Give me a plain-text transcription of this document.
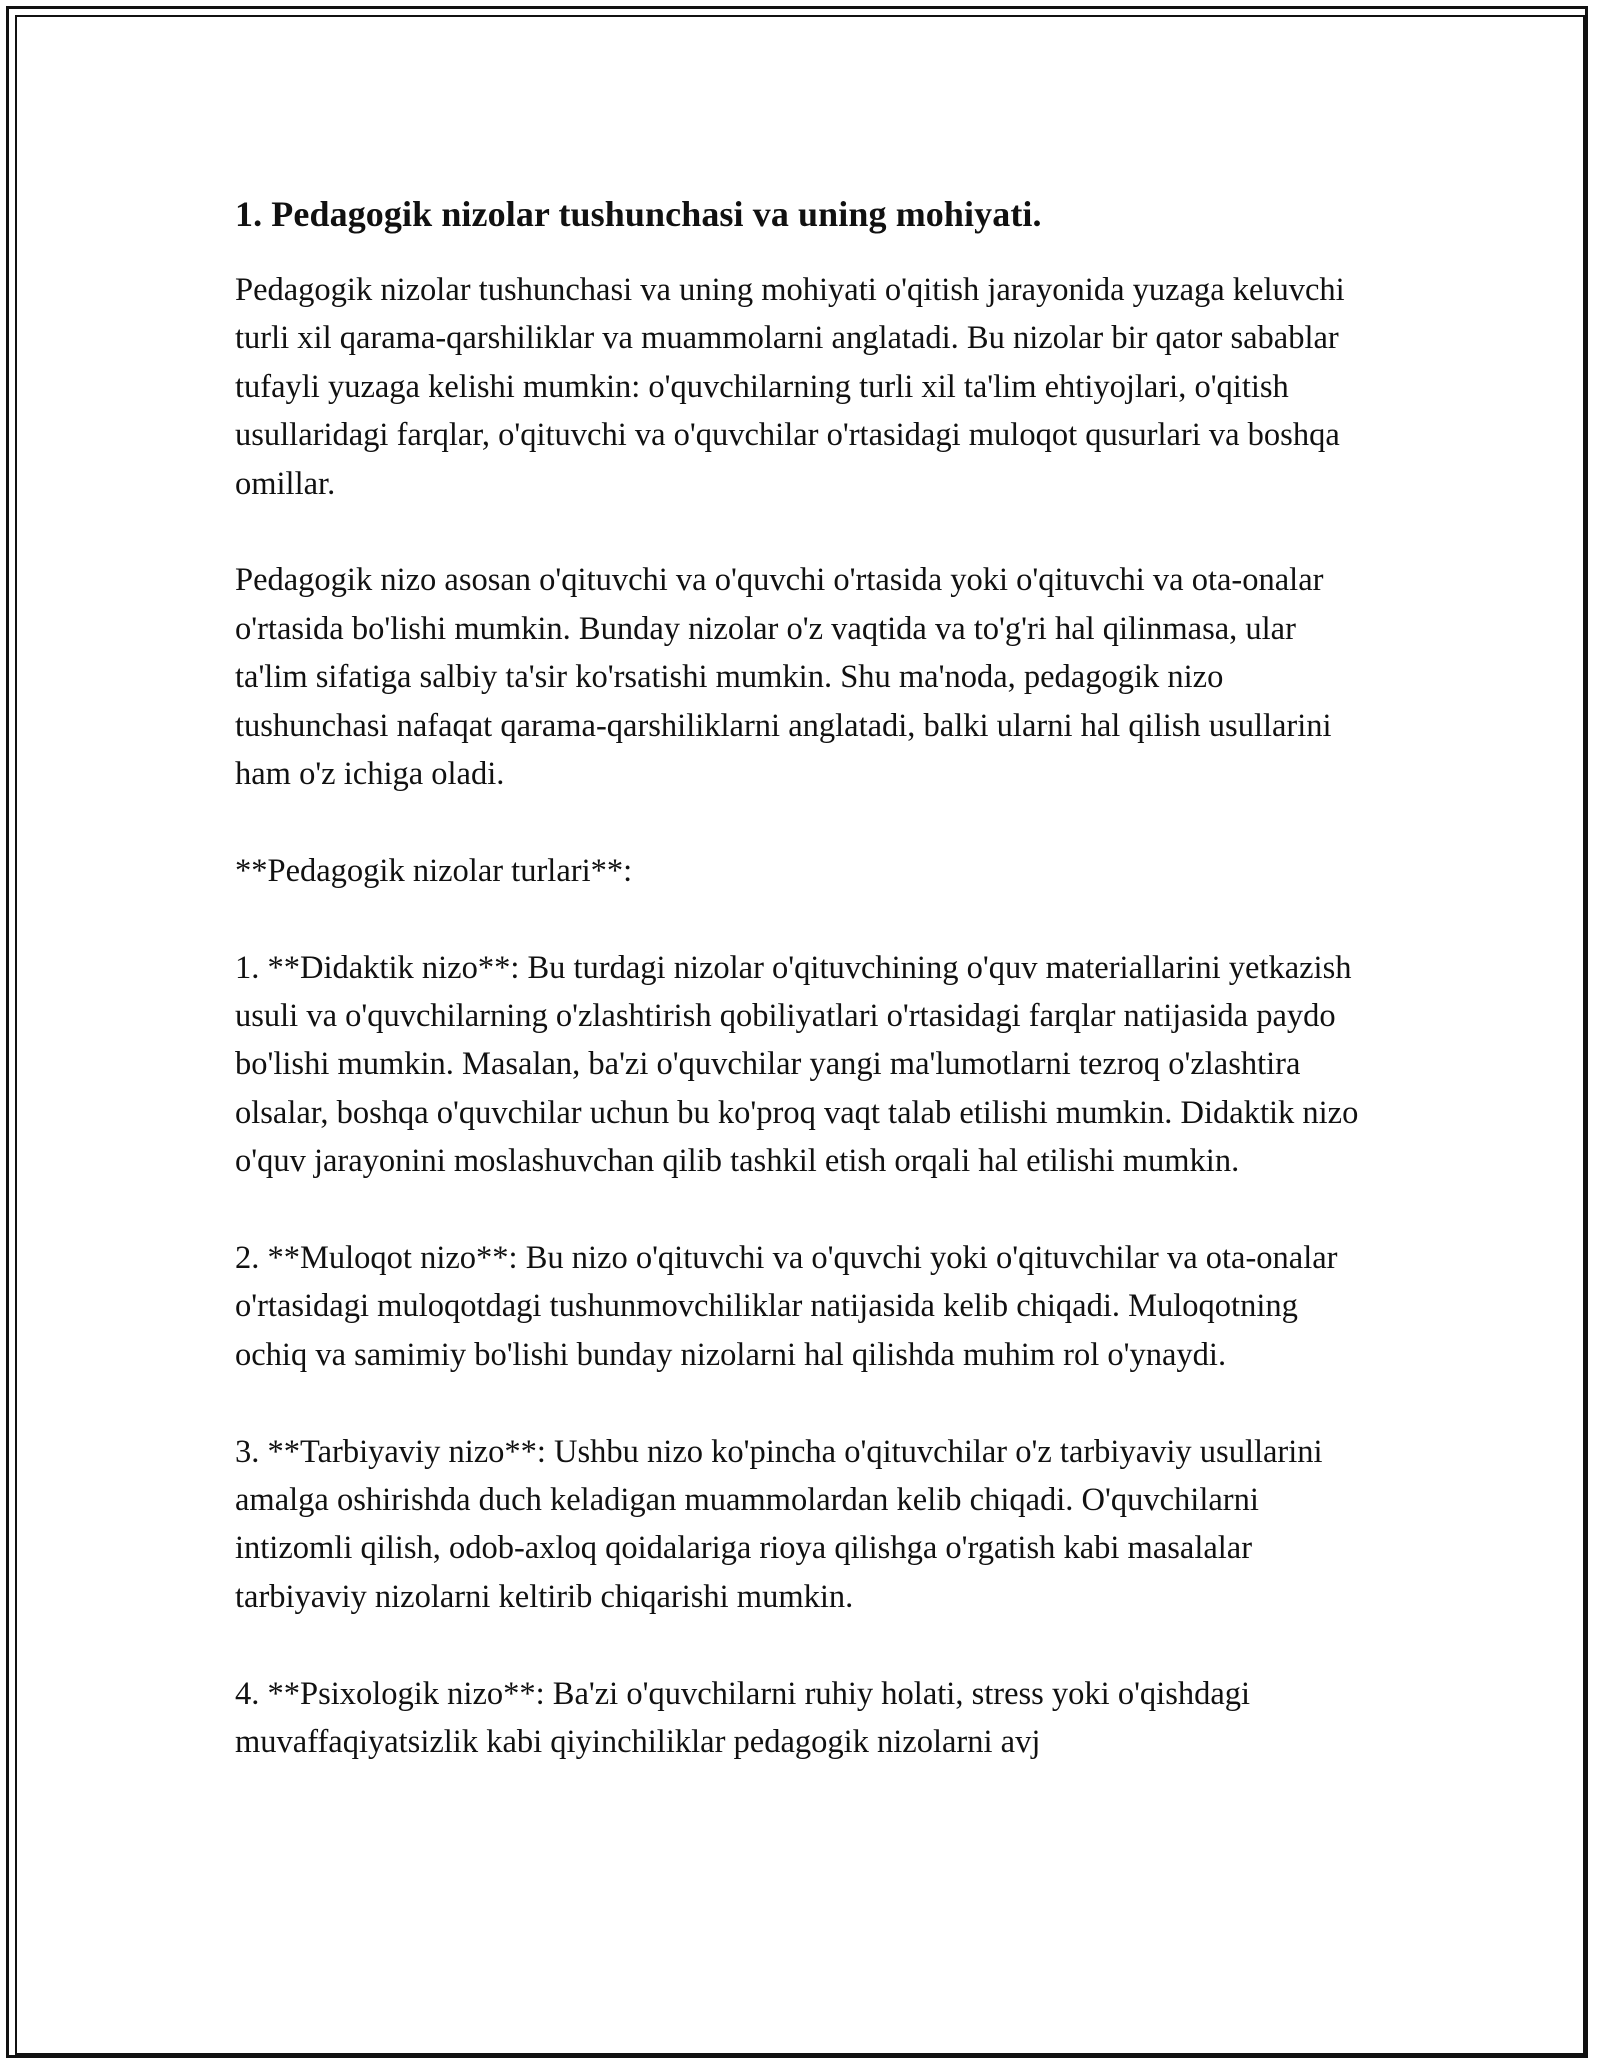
1. Pedagogik nizolar tushunchasi va uning mohiyati.

Pedagogik nizolar tushunchasi va uning mohiyati o'qitish jarayonida yuzaga keluvchi turli xil qarama-qarshiliklar va muammolarni anglatadi. Bu nizolar bir qator sabablar tufayli yuzaga kelishi mumkin: o'quvchilarning turli xil ta'lim ehtiyojlari, o'qitish usullaridagi farqlar, o'qituvchi va o'quvchilar o'rtasidagi muloqot qusurlari va boshqa omillar.

Pedagogik nizo asosan o'qituvchi va o'quvchi o'rtasida yoki o'qituvchi va ota-onalar o'rtasida bo'lishi mumkin. Bunday nizolar o'z vaqtida va to'g'ri hal qilinmasa, ular ta'lim sifatiga salbiy ta'sir ko'rsatishi mumkin. Shu ma'noda, pedagogik nizo tushunchasi nafaqat qarama-qarshiliklarni anglatadi, balki ularni hal qilish usullarini ham o'z ichiga oladi.

**Pedagogik nizolar turlari**:

1. **Didaktik nizo**: Bu turdagi nizolar o'qituvchining o'quv materiallarini yetkazish usuli va o'quvchilarning o'zlashtirish qobiliyatlari o'rtasidagi farqlar natijasida paydo bo'lishi mumkin. Masalan, ba'zi o'quvchilar yangi ma'lumotlarni tezroq o'zlashtira olsalar, boshqa o'quvchilar uchun bu ko'proq vaqt talab etilishi mumkin. Didaktik nizo o'quv jarayonini moslashuvchan qilib tashkil etish orqali hal etilishi mumkin.

2. **Muloqot nizo**: Bu nizo o'qituvchi va o'quvchi yoki o'qituvchilar va ota-onalar o'rtasidagi muloqotdagi tushunmovchiliklar natijasida kelib chiqadi. Muloqotning ochiq va samimiy bo'lishi bunday nizolarni hal qilishda muhim rol o'ynaydi.

3. **Tarbiyaviy nizo**: Ushbu nizo ko'pincha o'qituvchilar o'z tarbiyaviy usullarini amalga oshirishda duch keladigan muammolardan kelib chiqadi. O'quvchilarni intizomli qilish, odob-axloq qoidalariga rioya qilishga o'rgatish kabi masalalar tarbiyaviy nizolarni keltirib chiqarishi mumkin.

4. **Psixologik nizo**: Ba'zi o'quvchilarni ruhiy holati, stress yoki o'qishdagi muvaffaqiyatsizlik kabi qiyinchiliklar pedagogik nizolarni avj
